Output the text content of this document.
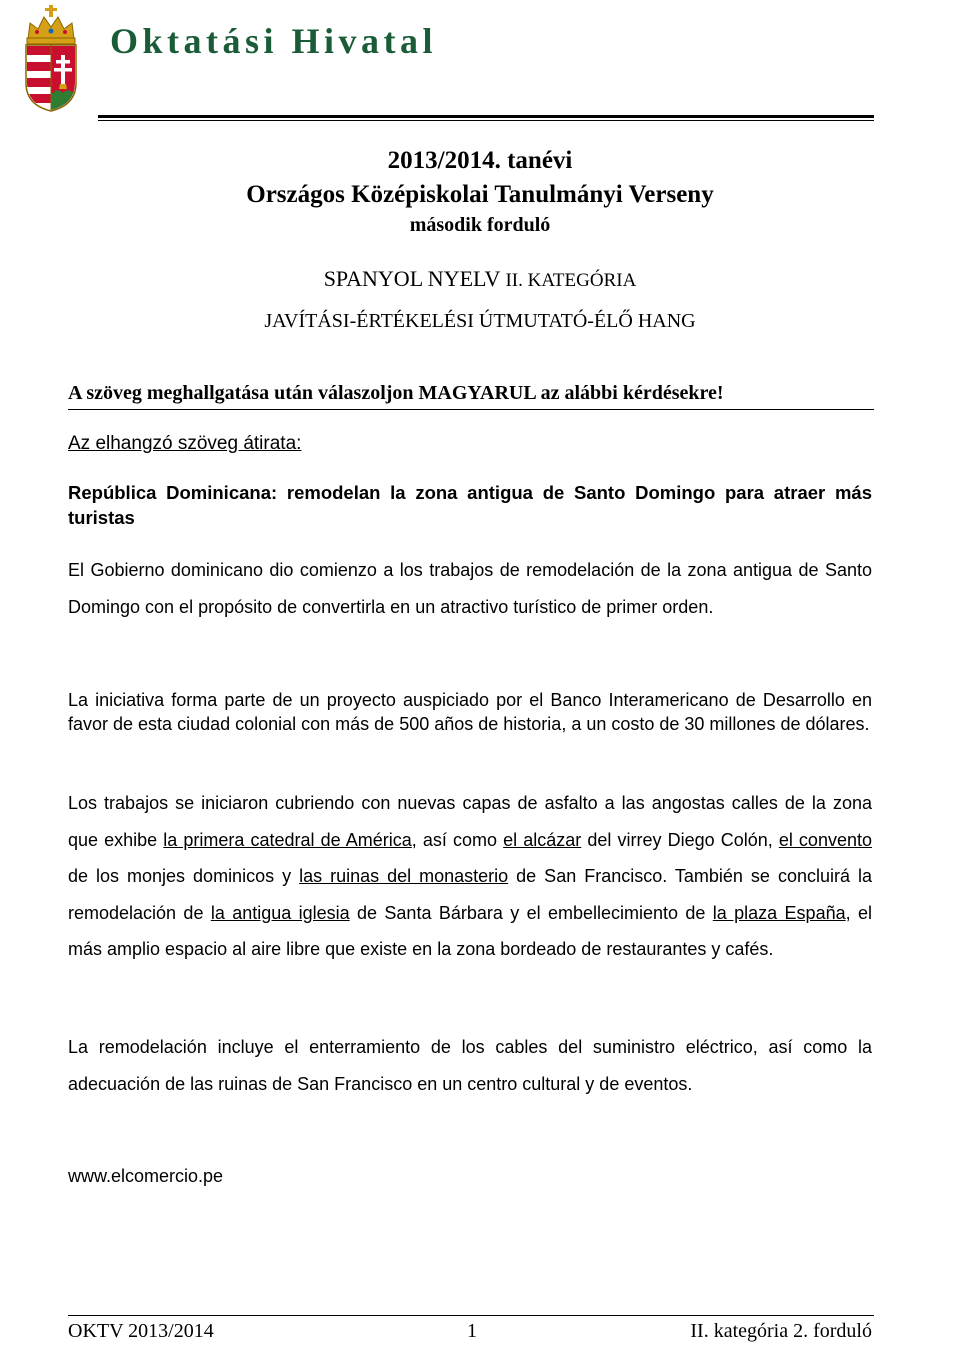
Oktatási Hivatal
2013/2014. tanévi
Országos Középiskolai Tanulmányi Verseny
második forduló
SPANYOL NYELV II. KATEGÓRIA
JAVÍTÁSI-ÉRTÉKELÉSI ÚTMUTATÓ-ÉLŐ HANG
A szöveg meghallgatása után válaszoljon MAGYARUL az alábbi kérdésekre!
Az elhangzó szöveg átirata:
República Dominicana: remodelan la zona antigua de Santo Domingo para atraer más turistas
El Gobierno dominicano dio comienzo a los trabajos de remodelación de la zona antigua de Santo Domingo con el propósito de convertirla en un atractivo turístico de primer orden.
La iniciativa forma parte de un proyecto auspiciado por el Banco Interamericano de Desarrollo en favor de esta ciudad colonial con más de 500 años de historia, a un costo de 30 millones de dólares.
Los trabajos se iniciaron cubriendo con nuevas capas de asfalto a las angostas calles de la zona que exhibe la primera catedral de América, así como el alcázar del virrey Diego Colón, el convento de los monjes dominicos y las ruinas del monasterio de San Francisco. También se concluirá la remodelación de la antigua iglesia de Santa Bárbara y el embellecimiento de la plaza España, el más amplio espacio al aire libre que existe en la zona bordeado de restaurantes y cafés.
La remodelación incluye el enterramiento de los cables del suministro eléctrico, así como la adecuación de las ruinas de San Francisco en un centro cultural y de eventos.
www.elcomercio.pe
OKTV 2013/2014	1	II. kategória 2. forduló
